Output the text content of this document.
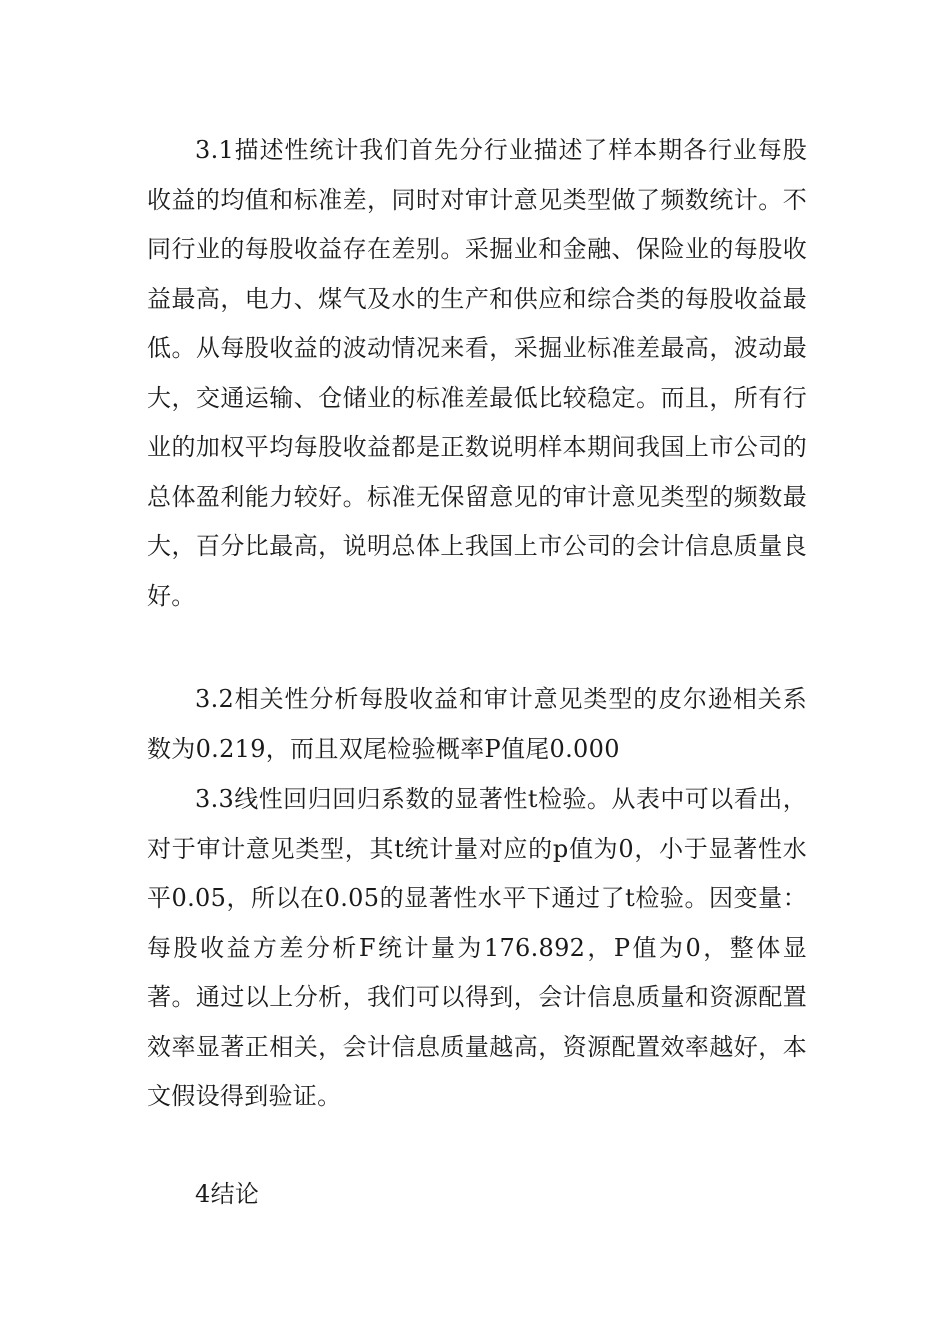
3.1描述性统计我们首先分行业描述了样本期各行业每股收益的均值和标准差，同时对审计意见类型做了频数统计。不同行业的每股收益存在差别。采掘业和金融、保险业的每股收益最高，电力、煤气及水的生产和供应和综合类的每股收益最低。从每股收益的波动情况来看，采掘业标准差最高，波动最大，交通运输、仓储业的标准差最低比较稳定。而且，所有行业的加权平均每股收益都是正数说明样本期间我国上市公司的总体盈利能力较好。标准无保留意见的审计意见类型的频数最大，百分比最高，说明总体上我国上市公司的会计信息质量良好。

3.2相关性分析每股收益和审计意见类型的皮尔逊相关系数为0.219，而且双尾检验概率P值尾0.000

3.3线性回归回归系数的显著性t检验。从表中可以看出，对于审计意见类型，其t统计量对应的p值为0，小于显著性水平0.05，所以在0.05的显著性水平下通过了t检验。因变量：每股收益方差分析F统计量为176.892，P值为0，整体显著。通过以上分析，我们可以得到，会计信息质量和资源配置效率显著正相关，会计信息质量越高，资源配置效率越好，本文假设得到验证。

4结论
